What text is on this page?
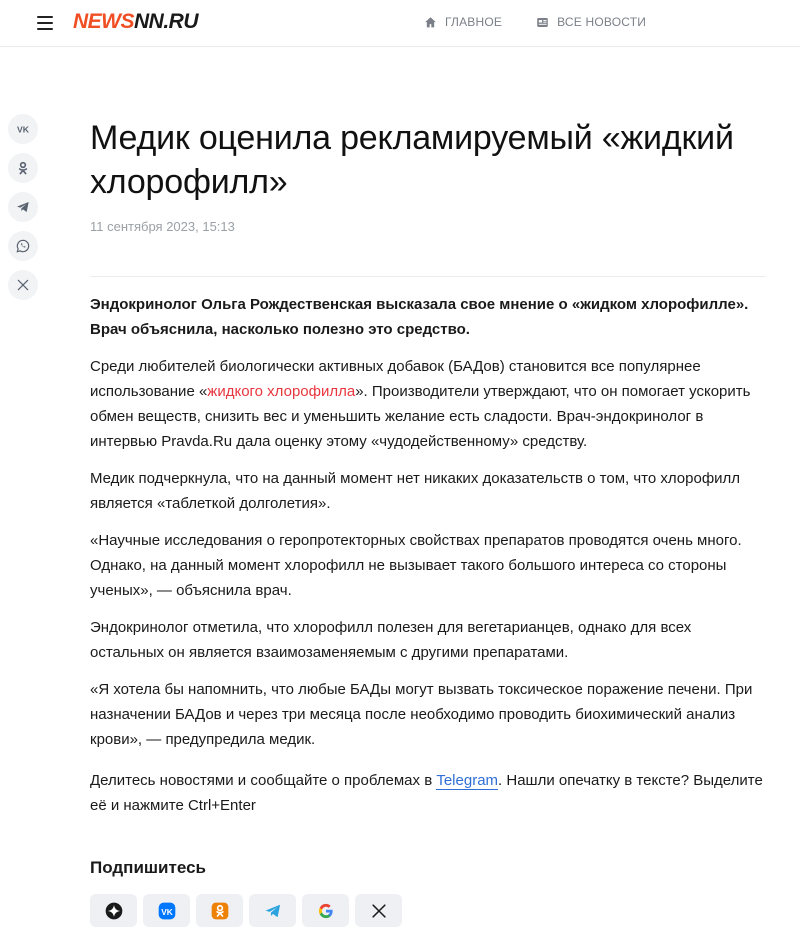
NEWSNN.RU	ГЛАВНОЕ	ВСЕ НОВОСТИ
VK Медик оценила рекламируемый «жидкий хлорофилл»
11 сентября 2023, 15:13

Эндокринолог Ольга Рождественская высказала свое мнение о «жидком хлорофилле». Врач объяснила, насколько полезно это средство.

Среди любителей биологически активных добавок (БАДов) становится все популярнее использование «жидкого хлорофилла». Производители утверждают, что он помогает ускорить обмен веществ, снизить вес и уменьшить желание есть сладости. Врач-эндокринолог в интервью Pravda.Ru дала оценку этому «чудодейственному» средству.

Медик подчеркнула, что на данный момент нет никаких доказательств о том, что хлорофилл является «таблеткой долголетия».

«Научные исследования о геропротекторных свойствах препаратов проводятся очень много. Однако, на данный момент хлорофилл не вызывает такого большого интереса со стороны ученых», — объяснила врач.

Эндокринолог отметила, что хлорофилл полезен для вегетарианцев, однако для всех остальных он является взаимозаменяемым с другими препаратами.

«Я хотела бы напомнить, что любые БАДы могут вызвать токсическое поражение печени. При назначении БАДов и через три месяца после необходимо проводить биохимический анализ крови», — предупредила медик.

Делитесь новостями и сообщайте о проблемах в Telegram. Нашли опечатку в тексте? Выделите её и нажмите Ctrl+Enter

Подпишитесь
VK
